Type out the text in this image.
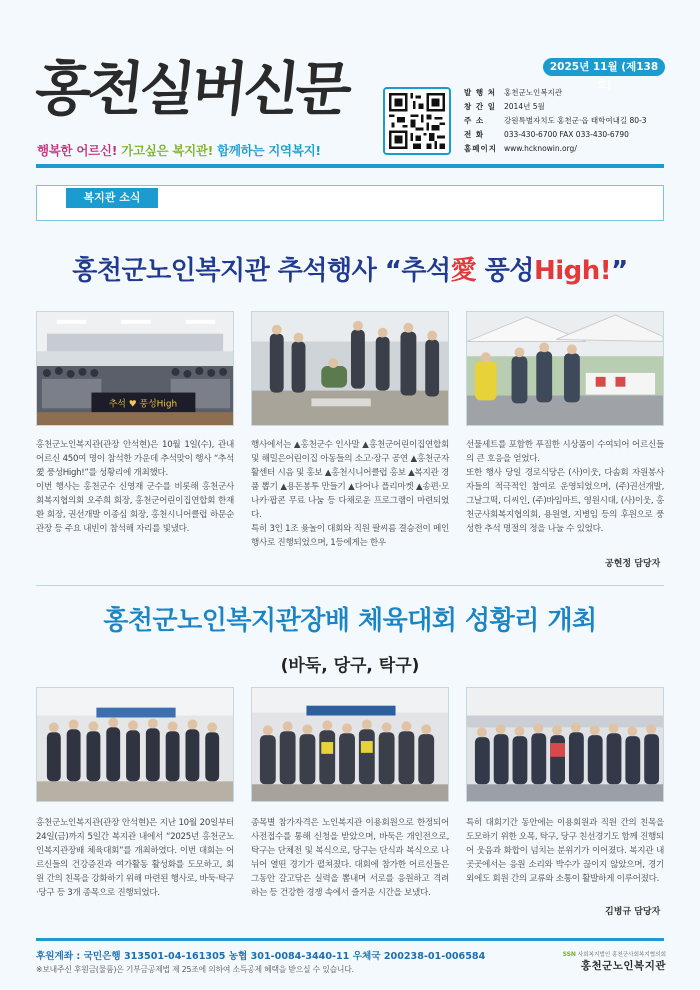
홍천실버신문
행복한 어르신! 가고싶은 복지관! 함께하는 지역복지!
2025년 11월 (제138호)
발 행 처	홍천군노인복지관
창 간 일	2014년 5월
주 소	강원특별자치도 홍천군·읍 태학여내길 80-3
전 화	033-430-6700 FAX 033-430-6790
홈페이지 www.hcknowin.org/
복지관 소식
홍천군노인복지관 추석행사 “추석愛 풍성High!”
추석 ♥ 풍성High

홍천군노인복지관(관장 안석현)은 10월 1일(수), 관내 어르신 450여 명이 참석한 가운데 추석맞이 행사 “추석愛 풍성High!”를 성황리에 개최했다.

이번 행사는 홍천군수 신영재 군수를 비롯해 홍천군사회복지협의회 오주희 회장, 홍천군어린이집연합회 한재환 회장, 권선개발 이종심 회장, 홍천시니어클럽 하문순 관장 등 주요 내빈이 참석해 자리를 빛냈다.

행사에서는 ▲홍천군수 인사말 ▲홍천군어린이집연합회 및 해밀은어린이집 아동들의 소고·장구 공연 ▲홍천군자활센터 시음 및 홍보 ▲홍천시니어클럽 홍보 ▲복지관 경품 뽑기 ▲용돈봉투 만들기 ▲다어나 플리마켓 ▲송편·모나카·팝콘 무료 나눔 등 다채로운 프로그램이 마련되었다.

특히 3인 1조 윷놀이 대회와 직원 팔씨름 결승전이 메인 행사로 진행되었으며, 1등에게는 한우

선물세트를 포함한 푸짐한 시상품이 수여되어 어르신들의 큰 호응을 얻었다.

또한 행사 당일 경로식당은 (사)이웃, 다솜회 자원봉사자들의 적극적인 참여로 운영되었으며, (주)권선개발, 그날그떡, 디씨인, (주)바임마트, 영원시대, (사)이웃, 홍천군사회복지협의회, 용원열, 지병임 등의 후원으로 풍성한 추석 명절의 정을 나눌 수 있었다.

공현정 담당자
홍천군노인복지관장배 체육대회 성황리 개최
(바둑, 당구, 탁구)

홍천군노인복지관(관장 안석현)은 지난 10월 20일부터 24일(금)까지 5일간 복지관 내에서 “2025년 홍천군노인복지관장배 체육대회”를 개최하였다. 이번 대회는 어르신들의 건강증진과 여가활동 활성화를 도모하고, 회원 간의 친목을 강화하기 위해 마련된 행사로, 바둑·탁구·당구 등 3개 종목으로 진행되었다.

종목별 참가자격은 노인복지관 이용회원으로 한정되어 사전접수를 통해 신청을 받았으며, 바둑은 개인전으로, 탁구는 단체전 및 복식으로, 당구는 단식과 복식으로 나뉘어 열띤 경기가 펼쳐졌다. 대회에 참가한 어르신들은 그동안 갈고닦은 실력을 뽐내며 서로를 응원하고 격려하는 등 건강한 경쟁 속에서 즐거운 시간을 보냈다.

특히 대회기간 동안에는 이용회원과 직원 간의 친목을 도모하기 위한 오목, 탁구, 당구 친선경기도 함께 진행되어 웃음과 화합이 넘치는 분위기가 이어졌다. 복지관 내 곳곳에서는 응원 소리와 박수가 끊이지 않았으며, 경기 외에도 회원 간의 교류와 소통이 활발하게 이루어졌다.

김병규 담당자
후원계좌 : 국민은행 313501-04-161305 농협 301-0084-3440-11 우체국 200238-01-006584
※보내주신 후원금(물품)은 기부금공제법 제 25조에 의하여 소득공제 혜택을 받으실 수 있습니다.
SSN 사회복지법인 홍천군사회복지협의회
홍천군노인복지관
